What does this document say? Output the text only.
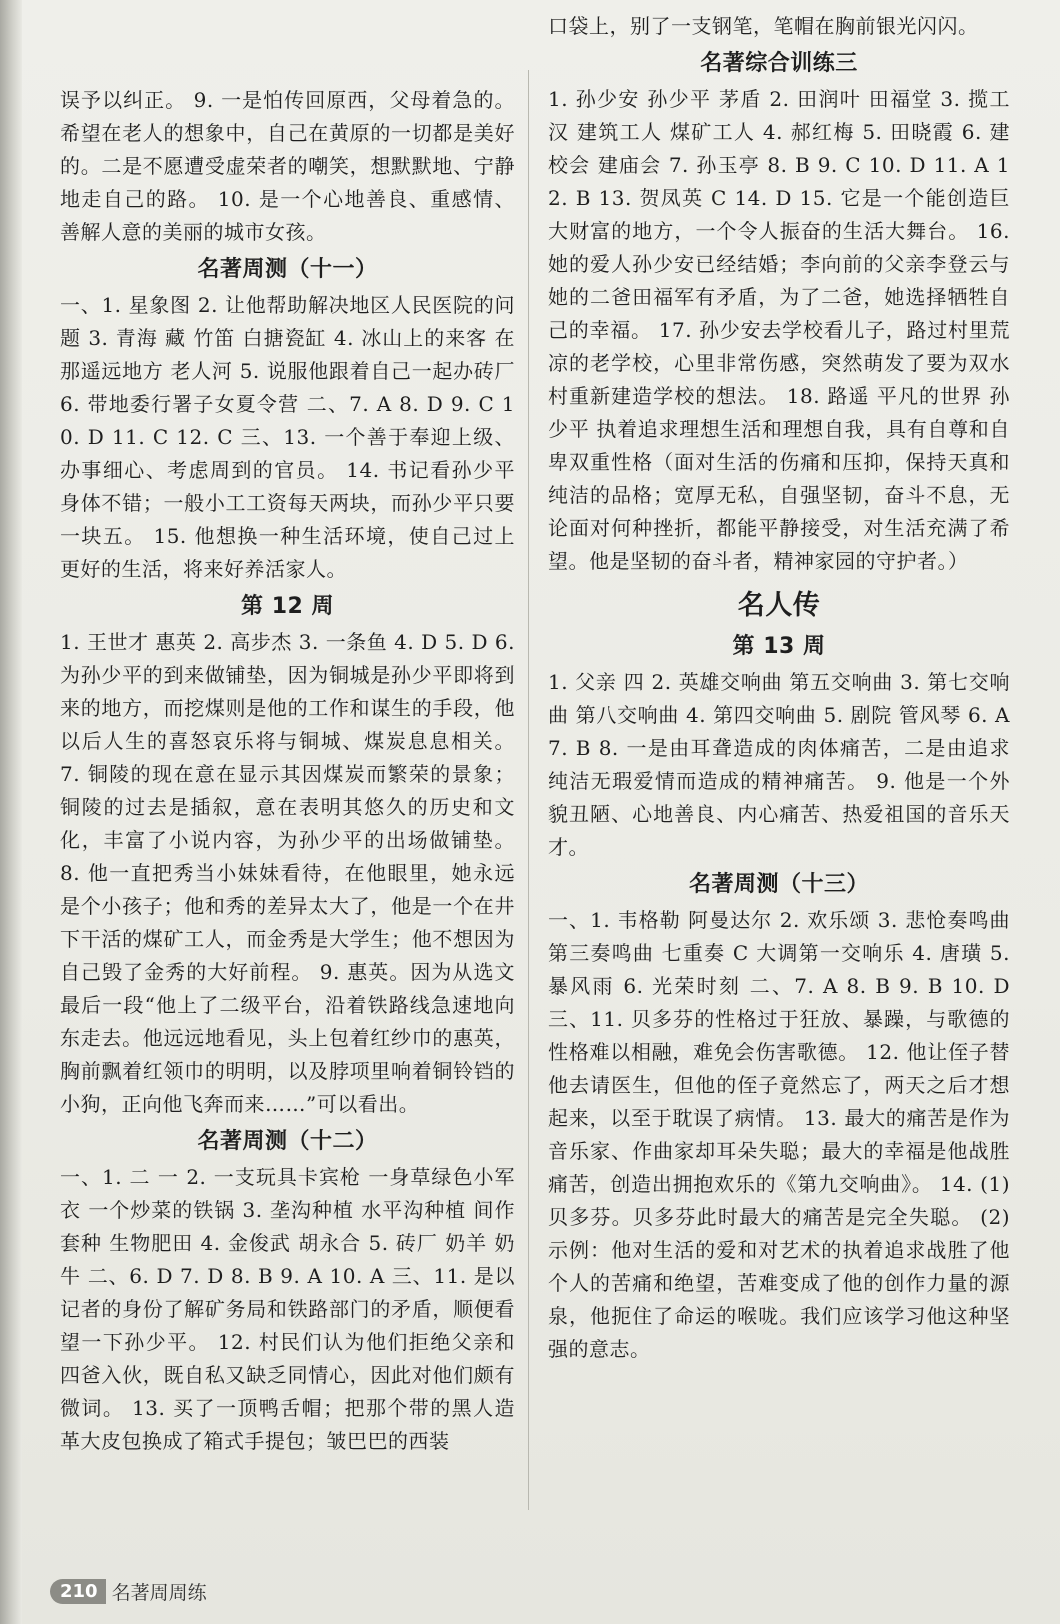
误予以纠正。 9. 一是怕传回原西，父母着急的。希望在老人的想象中，自己在黄原的一切都是美好的。二是不愿遭受虚荣者的嘲笑，想默默地、宁静地走自己的路。 10. 是一个心地善良、重感情、善解人意的美丽的城市女孩。

名著周测（十一）

一、1. 星象图 2. 让他帮助解决地区人民医院的问题 3. 青海 藏 竹笛 白搪瓷缸 4. 冰山上的来客 在那遥远地方 老人河 5. 说服他跟着自己一起办砖厂 6. 带地委行署子女夏令营 二、7. A 8. D 9. C 10. D 11. C 12. C 三、13. 一个善于奉迎上级、办事细心、考虑周到的官员。 14. 书记看孙少平身体不错；一般小工工资每天两块，而孙少平只要一块五。 15. 他想换一种生活环境，使自己过上更好的生活，将来好养活家人。

第 12 周

1. 王世才 惠英 2. 高步杰 3. 一条鱼 4. D 5. D 6. 为孙少平的到来做铺垫，因为铜城是孙少平即将到来的地方，而挖煤则是他的工作和谋生的手段，他以后人生的喜怒哀乐将与铜城、煤炭息息相关。 7. 铜陵的现在意在显示其因煤炭而繁荣的景象；铜陵的过去是插叙，意在表明其悠久的历史和文化，丰富了小说内容，为孙少平的出场做铺垫。 8. 他一直把秀当小妹妹看待，在他眼里，她永远是个小孩子；他和秀的差异太大了，他是一个在井下干活的煤矿工人，而金秀是大学生；他不想因为自己毁了金秀的大好前程。 9. 惠英。因为从选文最后一段“他上了二级平台，沿着铁路线急速地向东走去。他远远地看见，头上包着红纱巾的惠英，胸前飘着红领巾的明明，以及脖项里响着铜铃铛的小狗，正向他飞奔而来……”可以看出。

名著周测（十二）

一、1. 二 一 2. 一支玩具卡宾枪 一身草绿色小军衣 一个炒菜的铁锅 3. 垄沟种植 水平沟种植 间作套种 生物肥田 4. 金俊武 胡永合 5. 砖厂 奶羊 奶牛 二、6. D 7. D 8. B 9. A 10. A 三、11. 是以记者的身份了解矿务局和铁路部门的矛盾，顺便看望一下孙少平。 12. 村民们认为他们拒绝父亲和四爸入伙，既自私又缺乏同情心，因此对他们颇有微词。 13. 买了一顶鸭舌帽；把那个带的黑人造革大皮包换成了箱式手提包；皱巴巴的西装

口袋上，别了一支钢笔，笔帽在胸前银光闪闪。

名著综合训练三

1. 孙少安 孙少平 茅盾 2. 田润叶 田福堂 3. 揽工汉 建筑工人 煤矿工人 4. 郝红梅 5. 田晓霞 6. 建校会 建庙会 7. 孙玉亭 8. B 9. C 10. D 11. A 12. B 13. 贺凤英 C 14. D 15. 它是一个能创造巨大财富的地方，一个令人振奋的生活大舞台。 16. 她的爱人孙少安已经结婚；李向前的父亲李登云与她的二爸田福军有矛盾，为了二爸，她选择牺牲自己的幸福。 17. 孙少安去学校看儿子，路过村里荒凉的老学校，心里非常伤感，突然萌发了要为双水村重新建造学校的想法。 18. 路遥 平凡的世界 孙少平 执着追求理想生活和理想自我，具有自尊和自卑双重性格（面对生活的伤痛和压抑，保持天真和纯洁的品格；宽厚无私，自强坚韧，奋斗不息，无论面对何种挫折，都能平静接受，对生活充满了希望。他是坚韧的奋斗者，精神家园的守护者。）

名人传
第 13 周

1. 父亲 四 2. 英雄交响曲 第五交响曲 3. 第七交响曲 第八交响曲 4. 第四交响曲 5. 剧院 管风琴 6. A 7. B 8. 一是由耳聋造成的肉体痛苦，二是由追求纯洁无瑕爱情而造成的精神痛苦。 9. 他是一个外貌丑陋、心地善良、内心痛苦、热爱祖国的音乐天才。

名著周测（十三）

一、1. 韦格勒 阿曼达尔 2. 欢乐颂 3. 悲怆奏鸣曲 第三奏鸣曲 七重奏 C 大调第一交响乐 4. 唐璜 5. 暴风雨 6. 光荣时刻 二、7. A 8. B 9. B 10. D 三、11. 贝多芬的性格过于狂放、暴躁，与歌德的性格难以相融，难免会伤害歌德。 12. 他让侄子替他去请医生，但他的侄子竟然忘了，两天之后才想起来，以至于耽误了病情。 13. 最大的痛苦是作为音乐家、作曲家却耳朵失聪；最大的幸福是他战胜痛苦，创造出拥抱欢乐的《第九交响曲》。 14. (1) 贝多芬。贝多芬此时最大的痛苦是完全失聪。 (2) 示例：他对生活的爱和对艺术的执着追求战胜了他个人的苦痛和绝望，苦难变成了他的创作力量的源泉，他扼住了命运的喉咙。我们应该学习他这种坚强的意志。

210 名著周周练
